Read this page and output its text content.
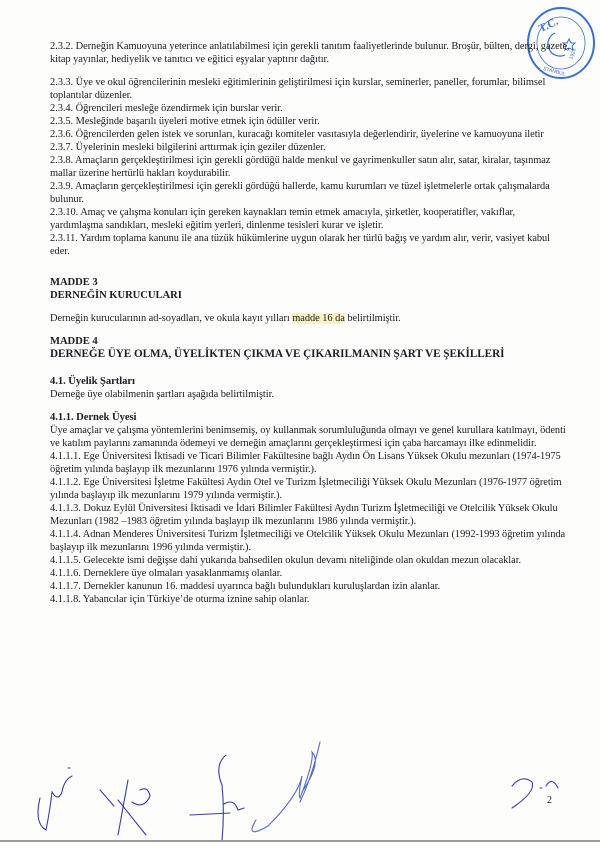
T.C.
1923
STANBUL

2.3.2. Derneğin Kamuoyuna yeterince anlatılabilmesi için gerekli tanıtım faaliyetlerinde bulunur. Broşür, bülten, dergi, gazete, kitap yayınlar, hediyelik ve tanıtıcı ve eğitici eşyalar yaptırır dağıtır.

2.3.3. Üye ve okul öğrencilerinin mesleki eğitimlerinin geliştirilmesi için kurslar, seminerler, paneller, forumlar, bilimsel toplantılar düzenler.

2.3.4. Öğrencileri mesleğe özendirmek için burslar verir.

2.3.5. Mesleğinde başarılı üyeleri motive etmek için ödüller verir.

2.3.6. Öğrencilerden gelen istek ve sorunları, kuracağı komiteler vasıtasıyla değerlendirir, üyelerine ve kamuoyuna iletir

2.3.7. Üyelerinin mesleki bilgilerini arttırmak için geziler düzenler.

2.3.8. Amaçların gerçekleştirilmesi için gerekli gördüğü halde menkul ve gayrimenkuller satın alır, satar, kiralar, taşınmaz mallar üzerine hertürlü hakları koydurabilir.

2.3.9. Amaçların gerçekleştirilmesi için gerekli gördüğü hallerde, kamu kurumları ve tüzel işletmelerle ortak çalışmalarda bulunur.

2.3.10. Amaç ve çalışma konuları için gereken kaynakları temin etmek amacıyla, şirketler, kooperatifler, vakıflar, yardımlaşma sandıkları, mesleki eğitim yerleri, dinlenme tesisleri kurar ve işletir.

2.3.11. Yardım toplama kanunu ile ana tüzük hükümlerine uygun olarak her türlü bağış ve yardım alır, verir, vasiyet kabul eder.

MADDE 3

DERNEĞİN KURUCULARI

Derneğin kurucularının ad-soyadları, ve okula kayıt yılları madde 16 da belirtilmiştir.

MADDE 4

DERNEĞE ÜYE OLMA, ÜYELİKTEN ÇIKMA VE ÇIKARILMANIN ŞART VE ŞEKİLLERİ

4.1. Üyelik Şartları

Derneğe üye olabilmenin şartları aşağıda belirtilmiştir.

4.1.1. Dernek Üyesi

Üye amaçlar ve çalışma yöntemlerini benimsemiş, oy kullanmak sorumluluğunda olmayı ve genel kurullara katılmayı, ödenti ve katılım paylarını zamanında ödemeyi ve derneğin amaçlarını gerçekleştirmesi için çaba harcamayı ilke edinmelidir.

4.1.1.1. Ege Üniversitesi İktisadi ve Ticari Bilimler Fakültesine bağlı Aydın Ön Lisans Yüksek Okulu mezunları (1974-1975 öğretim yılında başlayıp ilk mezunlarını 1976 yılında vermiştir.).

4.1.1.2. Ege Üniversitesi İşletme Fakültesi Aydın Otel ve Turizm İşletmeciliği Yüksek Okulu Mezunları (1976-1977 öğretim yılında başlayıp ilk mezunlarını 1979 yılında vermiştir.).

4.1.1.3. Dokuz Eylül Üniversitesi İktisadi ve İdari Bilimler Fakültesi Aydın Turizm İşletmeciliği ve Otelcilik Yüksek Okulu Mezunları (1982 –1983 öğretim yılında başlayıp ilk mezunlarını 1986 yılında vermiştir.).

4.1.1.4. Adnan Menderes Üniversitesi Turizm İşletmeciliği ve Otelcilik Yüksek Okulu Mezunları (1992-1993 öğretim yılında başlayıp ilk mezunlarını 1996 yılında vermiştir.).

4.1.1.5. Gelecekte ismi değişse dahi yukarıda bahsedilen okulun devamı niteliğinde olan okuldan mezun olacaklar.

4.1.1.6. Derneklere üye olmaları yasaklanmamış olanlar.

4.1.1.7. Dernekler kanunun 16. maddesi uyarınca bağlı bulundukları kuruluşlardan izin alanlar.

4.1.1.8. Yabancılar için Türkiye’de oturma iznine sahip olanlar.

2
